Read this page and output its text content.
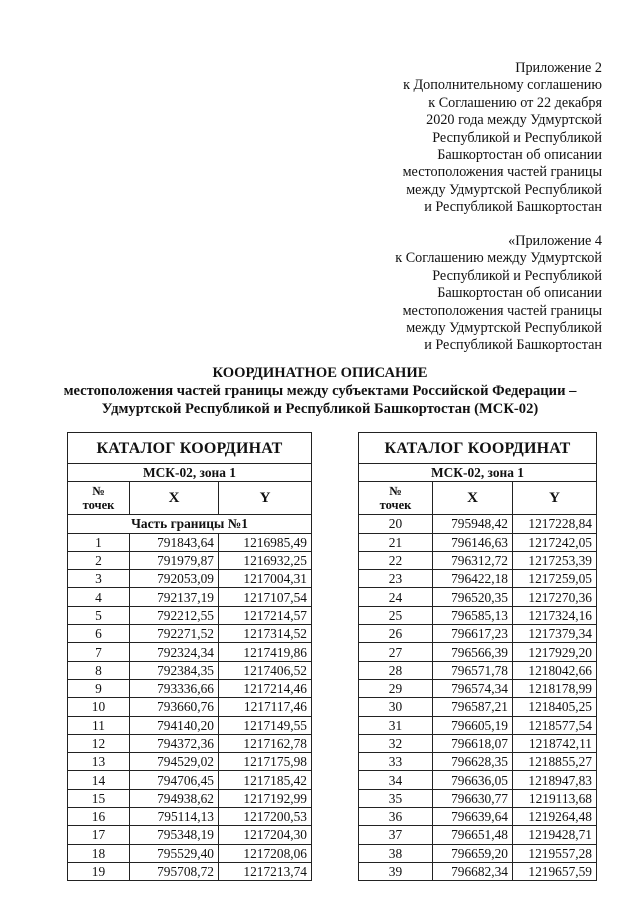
Приложение 2
к Дополнительному соглашению
к Соглашению от 22 декабря
2020 года между Удмуртской
Республикой и Республикой
Башкортостан об описании
местоположения частей границы
между Удмуртской Республикой
и Республикой Башкортостан
«Приложение 4
к Соглашению между Удмуртской
Республикой и Республикой
Башкортостан об описании
местоположения частей границы
между Удмуртской Республикой
и Республикой Башкортостан
КООРДИНАТНОЕ ОПИСАНИЕ
местоположения частей границы между субъектами Российской Федерации –
Удмуртской Республикой и Республикой Башкортостан (МСК-02)
КАТАЛОГ КООРДИНАТ		
МСК-02, зона 1		
№
точек	X	Y
Часть границы №1		
1	791843,64	1216985,49
2	791979,87	1216932,25
3	792053,09	1217004,31
4	792137,19	1217107,54
5	792212,55	1217214,57
6	792271,52	1217314,52
7	792324,34	1217419,86
8	792384,35	1217406,52
9	793336,66	1217214,46
10	793660,76	1217117,46
11	794140,20	1217149,55
12	794372,36	1217162,78
13	794529,02	1217175,98
14	794706,45	1217185,42
15	794938,62	1217192,99
16	795114,13	1217200,53
17	795348,19	1217204,30
18	795529,40	1217208,06
19	795708,72	1217213,74
КАТАЛОГ КООРДИНАТ		
МСК-02, зона 1		
№
точек	X	Y
20	795948,42	1217228,84
21	796146,63	1217242,05
22	796312,72	1217253,39
23	796422,18	1217259,05
24	796520,35	1217270,36
25	796585,13	1217324,16
26	796617,23	1217379,34
27	796566,39	1217929,20
28	796571,78	1218042,66
29	796574,34	1218178,99
30	796587,21	1218405,25
31	796605,19	1218577,54
32	796618,07	1218742,11
33	796628,35	1218855,27
34	796636,05	1218947,83
35	796630,77	1219113,68
36	796639,64	1219264,48
37	796651,48	1219428,71
38	796659,20	1219557,28
39	796682,34	1219657,59
